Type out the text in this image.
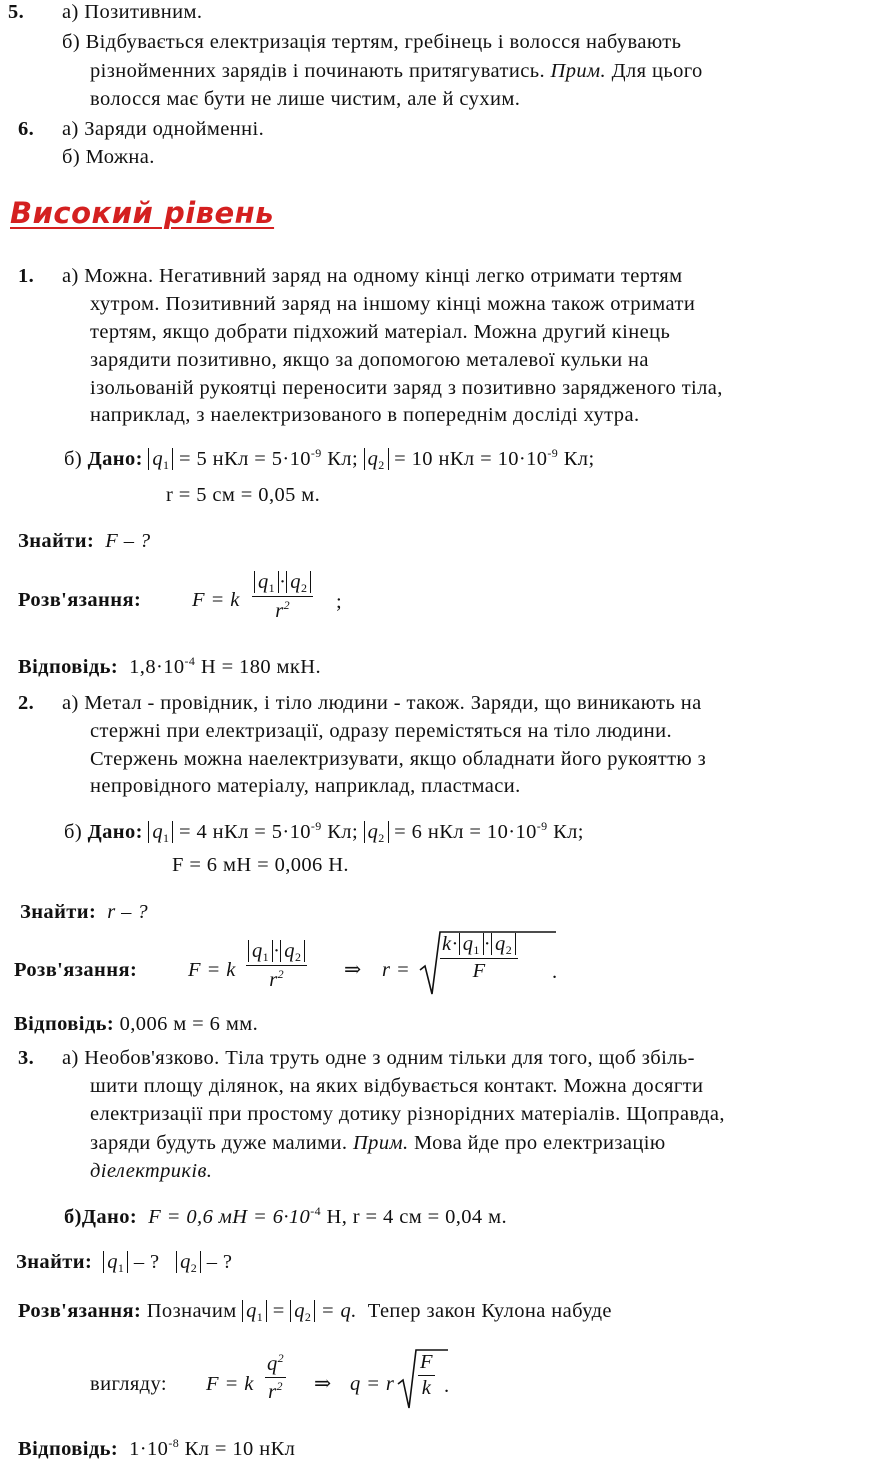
5. а) Позитивним.
б) Відбувається електризація тертям, гребінець і волосся набувають
різнойменних зарядів і починають притягуватись. Прим. Для цього
волосся має бути не лише чистим, але й сухим.
6. а) Заряди однойменні.
б) Можна.
Високий рівень
1. а) Можна. Негативний заряд на одному кінці легко отримати тертям
хутром. Позитивний заряд на іншому кінці можна також отримати
тертям, якщо добрати підхожий матеріал. Можна другий кінець
зарядити позитивно, якщо за допомогою металевої кульки на
ізольованій рукоятці переносити заряд з позитивно зарядженого тіла,
наприклад, з наелектризованого в попереднім досліді хутра.
б) Дано: $q_1 = 5$ нКл = $5\cdot 10^{-9}$ Кл; $q_2 = 10$ нКл = $10\cdot 10^{-9}$ Кл;
r = 5 см = 0,05 м.
Знайти: F – ?
Розв'язання: F = k
$q_1 \cdot q_2$
$r^2$	;
Відповідь: $1,8\cdot 10^{-4}$ Н = 180 мкН.
2. а) Метал - провідник, і тіло людини - також. Заряди, що виникають на
стержні при електризації, одразу перемістяться на тіло людини.
Стержень можна наелектризувати, якщо обладнати його рукояттю з
непровідного матеріалу, наприклад, пластмаси.
б) Дано: $q_1 = 4$ нКл = $5\cdot 10^{-9}$ Кл; $q_2 = 6$ нКл = $10\cdot 10^{-9}$ Кл;
F = 6 мН = 0,006 Н.
Знайти: r – ?
Розв'язання: F = k
$q_1 \cdot q_2$
$r^2$	⇒ r =
$k\cdot q_1 \cdot q_2$
F	.
Відповідь: 0,006 м = 6 мм.
3. а) Необов'язково. Тіла труть одне з одним тільки для того, щоб збіль-
шити площу ділянок, на яких відбувається контакт. Можна досягти
електризації при простому дотику різнорідних матеріалів. Щоправда,
заряди будуть дуже малими. Прим. Мова йде про електризацію
діелектриків.
б)Дано: F = 0,6 мН = $6\cdot 10^{-4}$ Н, r = 4 см = 0,04 м.
Знайти: $q_1$ – ? $q_2$ – ?
Розв'язання: Позначим $q_1 = q_2 = q$. Тепер закон Кулона набуде
вигляду: F = k
$q^2$
$r^2$ ⇒ q = r
F
k .
Відповідь: $1\cdot 10^{-8}$ Кл = 10 нКл
